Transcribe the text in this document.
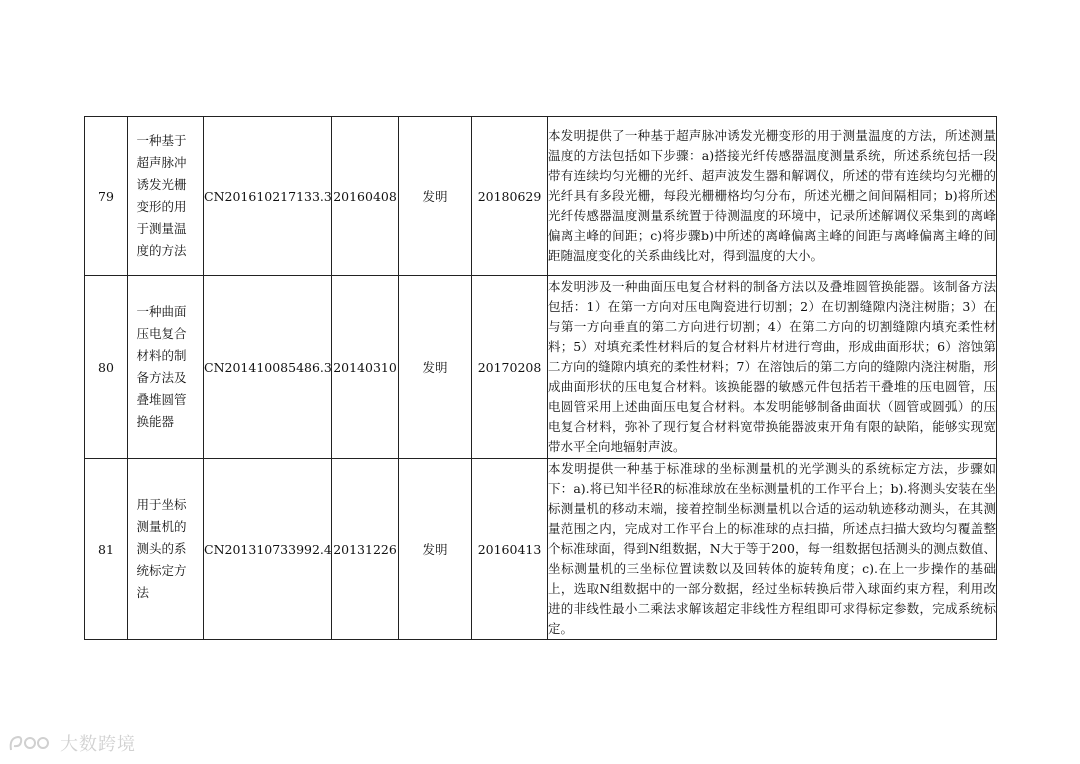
79	一种基于超声脉冲诱发光栅变形的用于测量温度的方法	CN201610217133.3	20160408	发明	20180629	本发明提供了一种基于超声脉冲诱发光栅变形的用于测量温度的方法，所述测量温度的方法包括如下步骤：a)搭接光纤传感器温度测量系统，所述系统包括一段带有连续均匀光栅的光纤、超声波发生器和解调仪，所述的带有连续均匀光栅的光纤具有多段光栅，每段光栅栅格均匀分布，所述光栅之间间隔相同；b)将所述光纤传感器温度测量系统置于待测温度的环境中，记录所述解调仪采集到的离峰偏离主峰的间距；c)将步骤b)中所述的离峰偏离主峰的间距与离峰偏离主峰的间距随温度变化的关系曲线比对，得到温度的大小。
80	一种曲面压电复合材料的制备方法及叠堆圆管换能器	CN201410085486.3	20140310	发明	20170208	本发明涉及一种曲面压电复合材料的制备方法以及叠堆圆管换能器。该制备方法包括：1）在第一方向对压电陶瓷进行切割；2）在切割缝隙内浇注树脂；3）在与第一方向垂直的第二方向进行切割；4）在第二方向的切割缝隙内填充柔性材料；5）对填充柔性材料后的复合材料片材进行弯曲，形成曲面形状；6）溶蚀第二方向的缝隙内填充的柔性材料；7）在溶蚀后的第二方向的缝隙内浇注树脂，形成曲面形状的压电复合材料。该换能器的敏感元件包括若干叠堆的压电圆管，压电圆管采用上述曲面压电复合材料。本发明能够制备曲面状（圆管或圆弧）的压电复合材料，弥补了现行复合材料宽带换能器波束开角有限的缺陷，能够实现宽带水平全向地辐射声波。
81	用于坐标测量机的测头的系统标定方法	CN201310733992.4	20131226	发明	20160413	本发明提供一种基于标准球的坐标测量机的光学测头的系统标定方法，步骤如下：a).将已知半径R的标准球放在坐标测量机的工作平台上；b).将测头安装在坐标测量机的移动末端，接着控制坐标测量机以合适的运动轨迹移动测头，在其测量范围之内，完成对工作平台上的标准球的点扫描，所述点扫描大致均匀覆盖整个标准球面，得到N组数据，N大于等于200，每一组数据包括测头的测点数值、坐标测量机的三坐标位置读数以及回转体的旋转角度；c).在上一步操作的基础上，选取N组数据中的一部分数据，经过坐标转换后带入球面约束方程，利用改进的非线性最小二乘法求解该超定非线性方程组即可求得标定参数，完成系统标定。
大数跨境
